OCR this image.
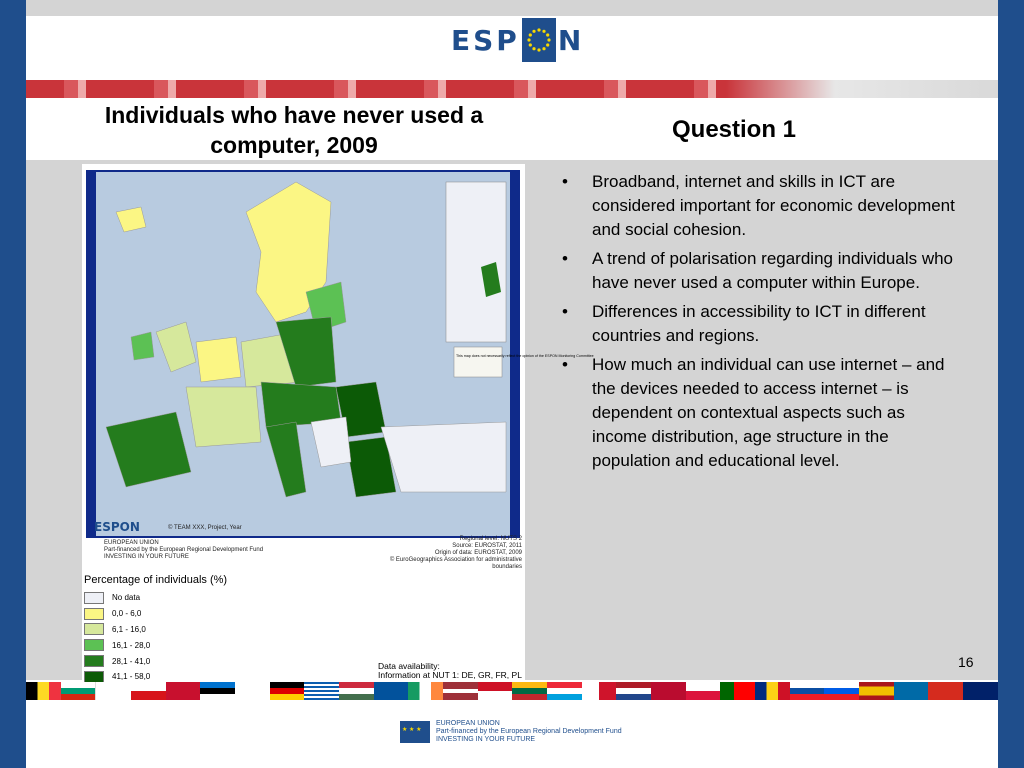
ESP N
Individuals who have never used a computer, 2009
Question 1
This map does not necessarily reflect the opinion of the ESPON Monitoring Committee
ESPON	© TEAM XXX, Project, Year
EUROPEAN UNION
Part-financed by the European Regional Development Fund
INVESTING IN YOUR FUTURE
Regional level: NUTS 2
Source: EUROSTAT, 2011
Origin of data: EUROSTAT, 2009
© EuroGeographics Association for administrative boundaries
Percentage of individuals (%)
No data
0,0 - 6,0
6,1 - 16,0
16,1 - 28,0
28,1 - 41,0
41,1 - 58,0
Data availability:
Information at NUT 1: DE, GR, FR, PL
•	Broadband, internet and skills in ICT are considered important for economic development and social cohesion.
•	A trend of polarisation regarding individuals who have never used a computer within Europe.
•	Differences in accessibility to ICT in different countries and regions.
•	How much an individual can use internet – and the devices needed to access internet – is dependent on contextual aspects such as income distribution, age structure in the population and educational level.
16
★ ★ ★
EUROPEAN UNION
Part-financed by the European Regional Development Fund
INVESTING IN YOUR FUTURE
